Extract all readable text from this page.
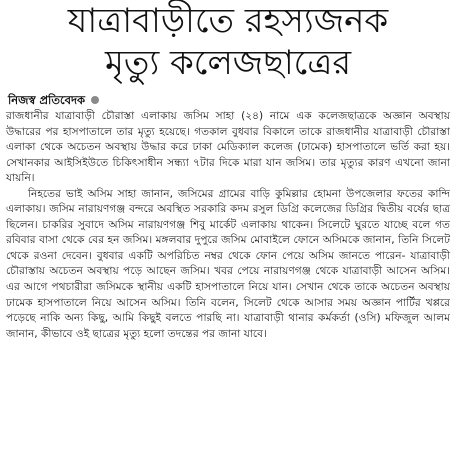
যাত্রাবাড়ীতে রহস্যজনক
মৃত্যু কলেজছাত্রের
নিজস্ব প্রতিবেদক

রাজধানীর যাত্রাবাড়ী চৌরাস্তা এলাকায় জসিম সাহা (২৪) নামে এক কলেজছাত্রকে অজ্ঞান অবস্থায় উদ্ধারের পর হাসপাতালে তার মৃত্যু হয়েছে। গতকাল বুধবার বিকালে তাকে রাজধানীর যাত্রাবাড়ী চৌরাস্তা এলাকা থেকে অচেতন অবস্থায় উদ্ধার করে ঢাকা মেডিক্যাল কলেজ (ঢামেক) হাসপাতালে ভর্তি করা হয়। সেখানকার আইসিইউতে চিকিৎসাধীন সন্ধ্যা ৭টার দিকে মারা যান জসিম। তার মৃত্যুর কারণ এখনো জানা যায়নি।

নিহতের ভাই অসিম সাহা জানান, জসিমের গ্রামের বাড়ি কুমিল্লার হোমনা উপজেলার ফতের কান্দি এলাকায়। জসিম নারায়ণগঞ্জ বন্দরে অবস্থিত সরকারি কদম রসুল ডিগ্রি কলেজের ডিগ্রির দ্বিতীয় বর্ষের ছাত্র ছিলেন। চাকরির সুবাদে অসিম নারায়ণগঞ্জ শিবু মার্কেট এলাকায় থাকেন। সিলেটে ঘুরতে যাচ্ছে বলে গত রবিবার বাসা থেকে বের হন জসিম। মঙ্গলবার দুপুরে জসিম মোবাইলে ফোনে অসিমকে জানান, তিনি সিলেট থেকে রওনা দেবেন। বুধবার একটি অপরিচিত নম্বর থেকে ফোন পেয়ে অসিম জানতে পারেন- যাত্রাবাড়ী চৌরাস্তায় অচেতন অবস্থায় পড়ে আছেন জসিম। খবর পেয়ে নারায়ণগঞ্জ থেকে যাত্রাবাড়ী আসেন অসিম। এর আগে পথচারীরা জসিমকে স্থানীয় একটি হাসপাতালে নিয়ে যান। সেখান থেকে তাকে অচেতন অবস্থায় ঢামেক হাসপাতালে নিয়ে আসেন অসিম। তিনি বলেন, সিলেট থেকে আসার সময় অজ্ঞান পার্টির খপ্পরে পড়েছে নাকি অন্য কিছু, আমি কিছুই বলতে পারছি না। যাত্রাবাড়ী থানার কর্মকর্তা (ওসি) মফিজুল আলম জানান, কীভাবে ওই ছাত্রের মৃত্যু হলো তদন্তের পর জানা যাবে।
